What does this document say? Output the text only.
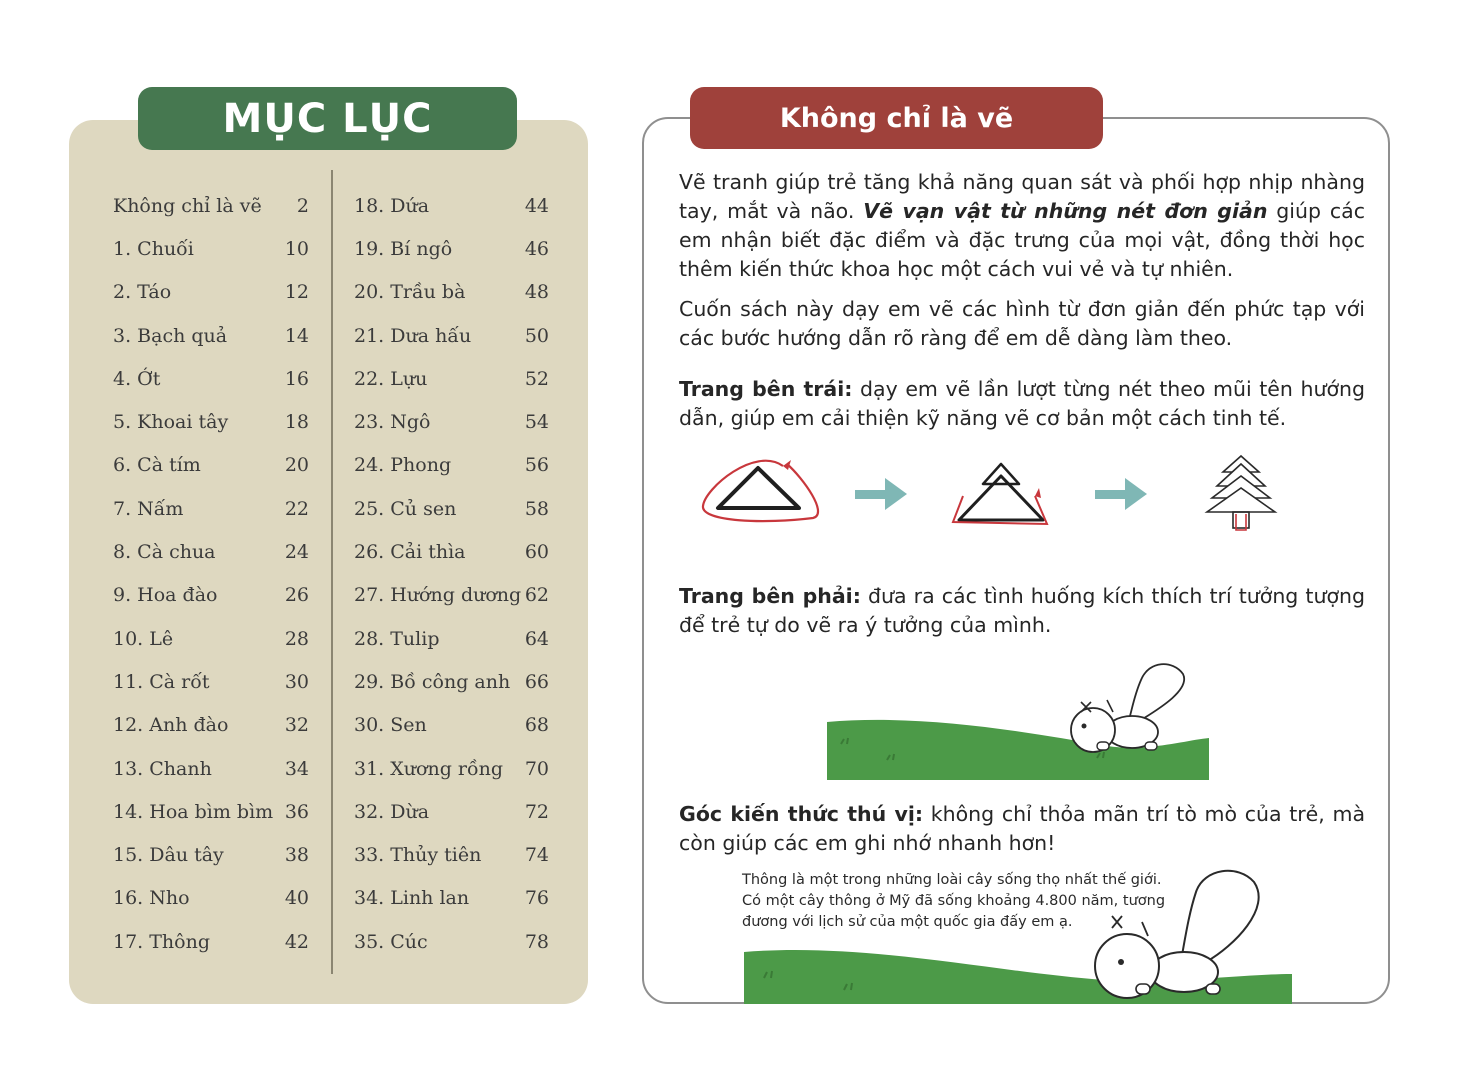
MỤC LỤC
Không chỉ là vẽ 2
1. Chuối	10
2. Táo	12
3. Bạch quả	14
4. Ớt	16
5. Khoai tây	18
6. Cà tím	20
7. Nấm	22
8. Cà chua	24
9. Hoa đào	26
10. Lê	28
11. Cà rốt	30
12. Anh đào	32
13. Chanh	34
14. Hoa bìm bìm 36
15. Dâu tây	38
16. Nho	40
17. Thông	42
18. Dứa	44
19. Bí ngô	46
20. Trầu bà	48
21. Dưa hấu	50
22. Lựu	52
23. Ngô	54
24. Phong	56
25. Củ sen	58
26. Cải thìa	60
27. Hướng dương 62
28. Tulip	64
29. Bồ công anh 66
30. Sen	68
31. Xương rồng 70
32. Dừa	72
33. Thủy tiên 74
34. Linh lan	76
35. Cúc	78
Không chỉ là vẽ
Vẽ tranh giúp trẻ tăng khả năng quan sát và phối hợp nhịp nhàng tay, mắt và não. Vẽ vạn vật từ những nét đơn giản giúp các em nhận biết đặc điểm và đặc trưng của mọi vật, đồng thời học thêm kiến thức khoa học một cách vui vẻ và tự nhiên.
Cuốn sách này dạy em vẽ các hình từ đơn giản đến phức tạp với các bước hướng dẫn rõ ràng để em dễ dàng làm theo.
Trang bên trái: dạy em vẽ lần lượt từng nét theo mũi tên hướng dẫn, giúp em cải thiện kỹ năng vẽ cơ bản một cách tinh tế.
Trang bên phải: đưa ra các tình huống kích thích trí tưởng tượng để trẻ tự do vẽ ra ý tưởng của mình.
Góc kiến thức thú vị: không chỉ thỏa mãn trí tò mò của trẻ, mà còn giúp các em ghi nhớ nhanh hơn!
Thông là một trong những loài cây sống thọ nhất thế giới. Có một cây thông ở Mỹ đã sống khoảng 4.800 năm, tương đương với lịch sử của một quốc gia đấy em ạ.
